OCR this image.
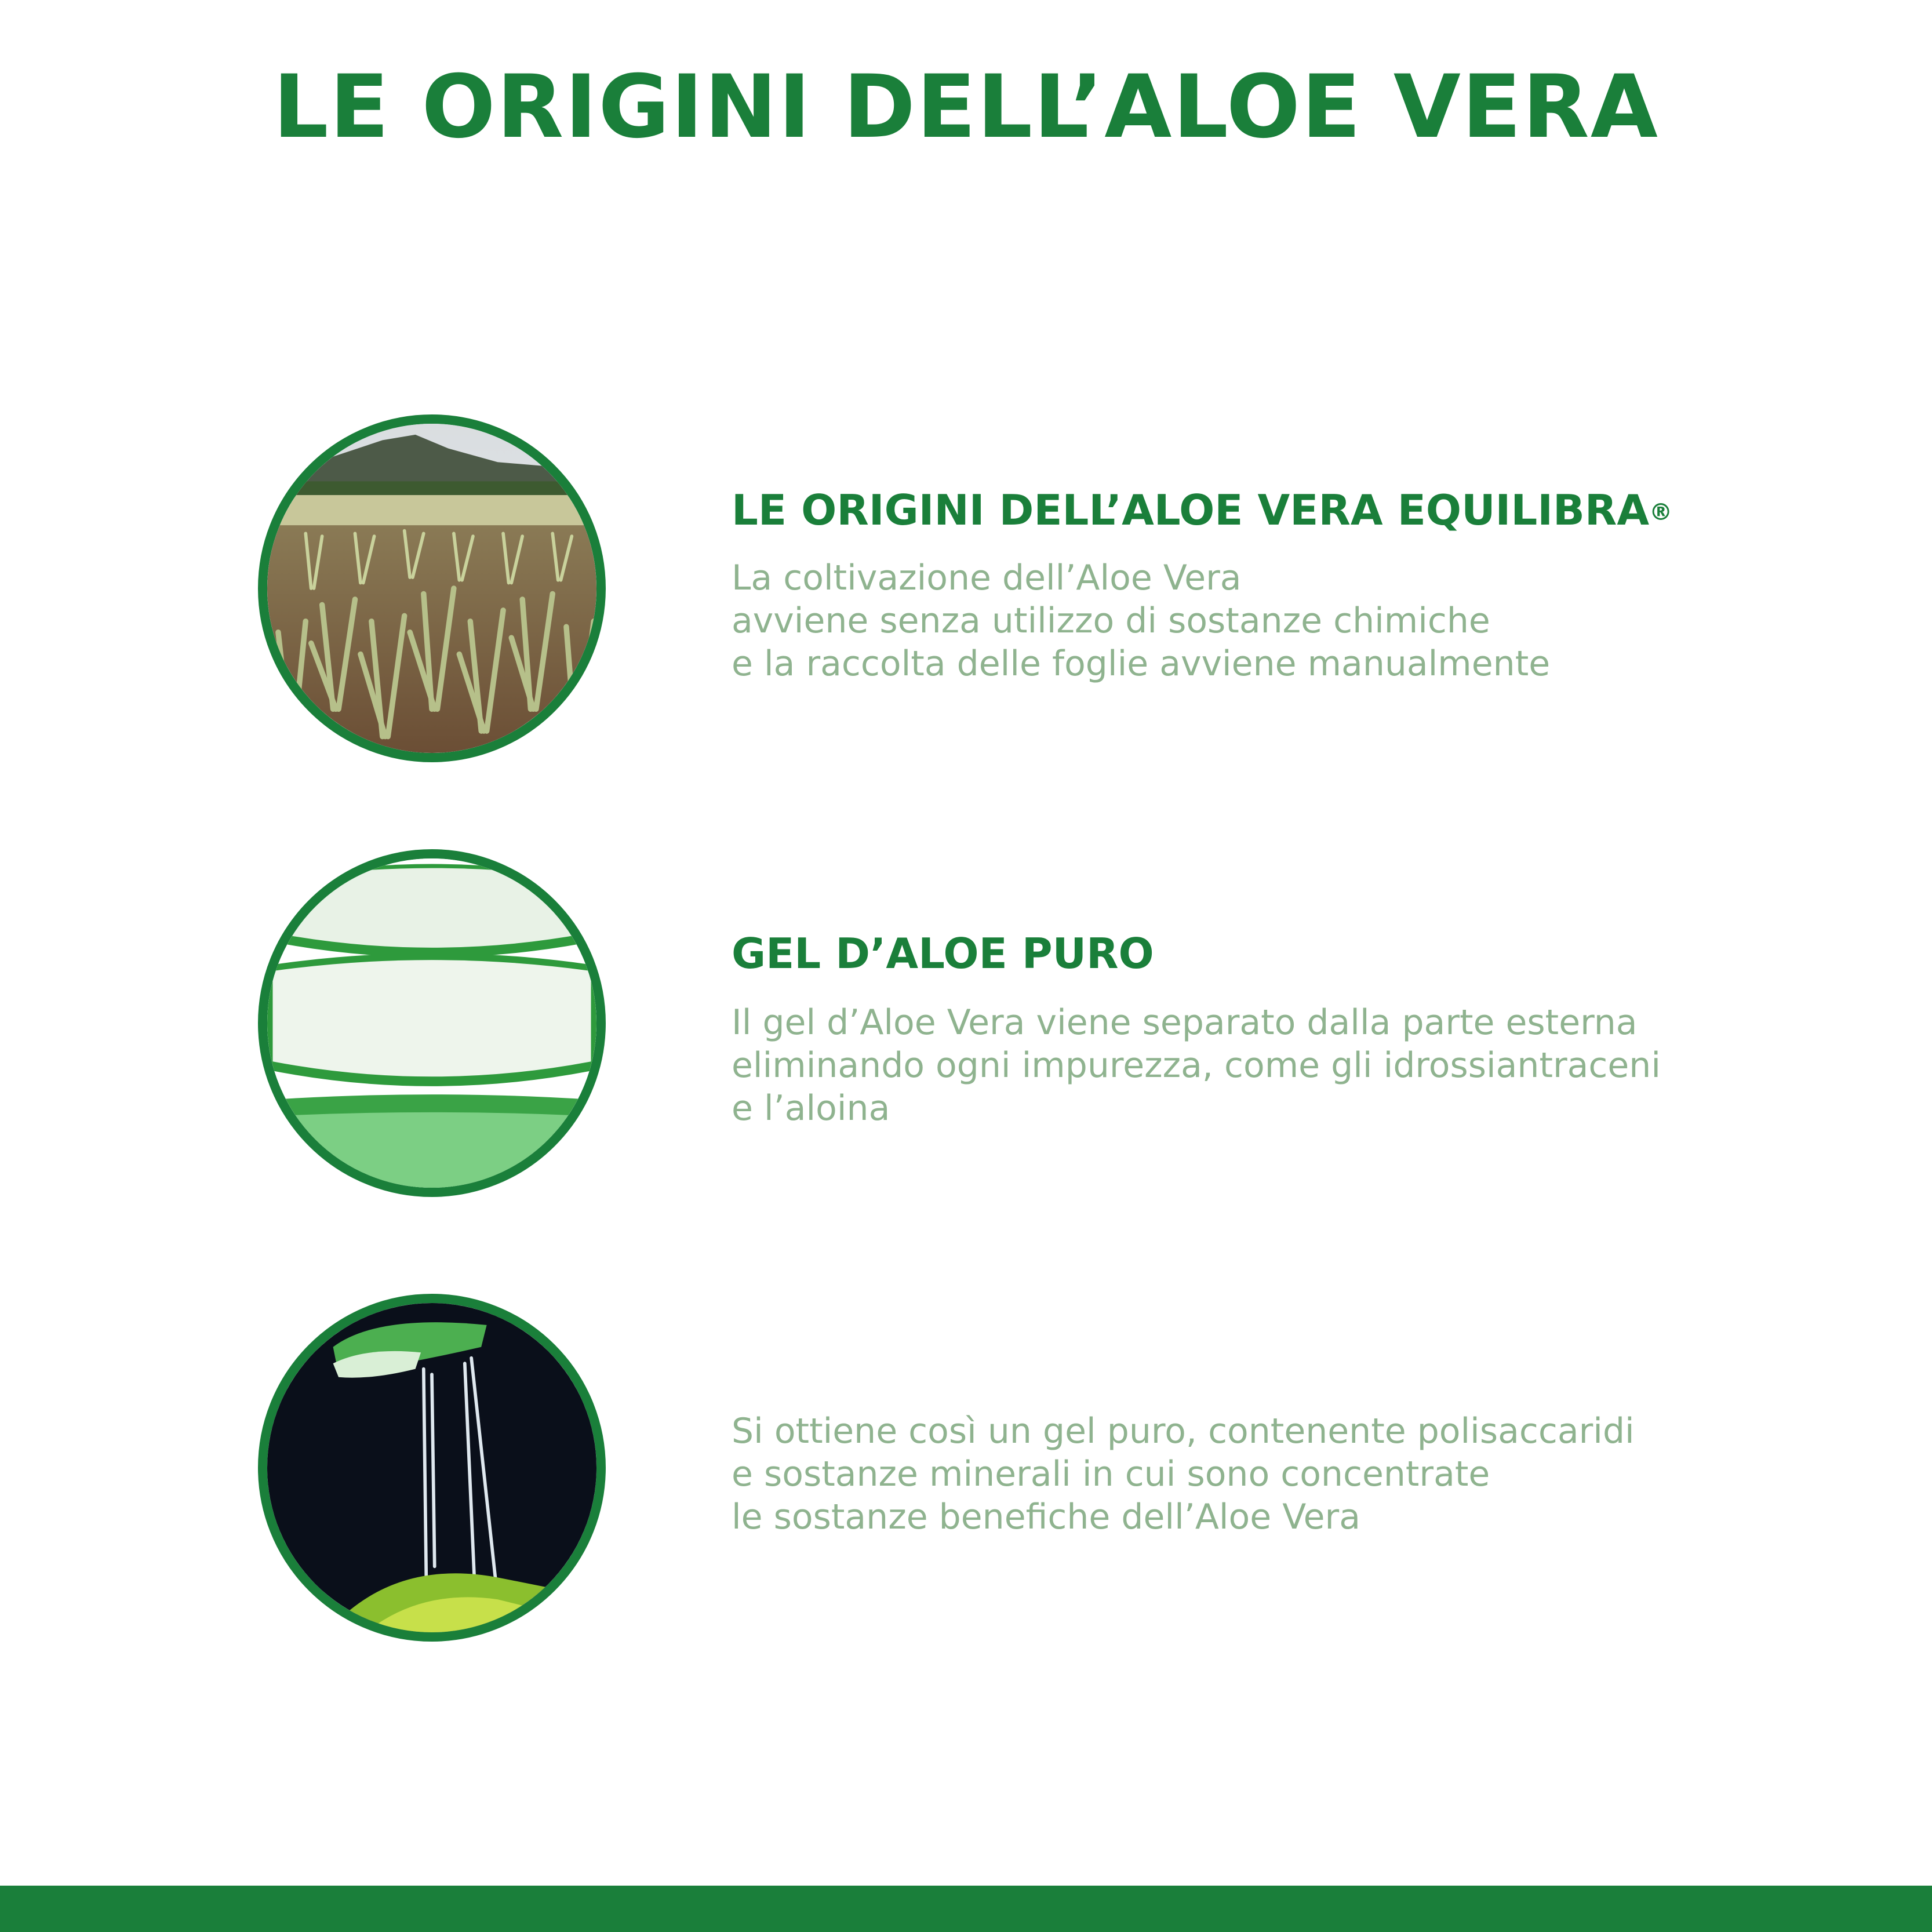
LE ORIGINI DELL’ALOE VERA
LE ORIGINI DELL’ALOE VERA EQUILIBRA®

La coltivazione dell’Aloe Vera
avviene senza utilizzo di sostanze chimiche
e la raccolta delle foglie avviene manualmente

GEL D’ALOE PURO

Il gel d’Aloe Vera viene separato dalla parte esterna
eliminando ogni impurezza, come gli idrossiantraceni
e l’aloina

Si ottiene così un gel puro, contenente polisaccaridi
e sostanze minerali in cui sono concentrate
le sostanze benefiche dell’Aloe Vera
